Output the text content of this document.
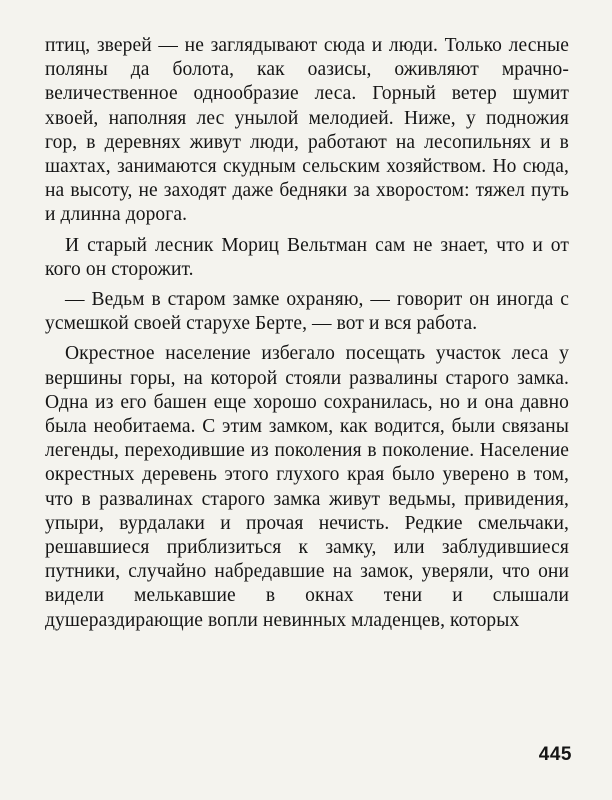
птиц, зверей — не заглядывают сюда и люди. Только лесные поляны да болота, как оазисы, оживляют мрачно-величественное однообразие леса. Горный ветер шумит хвоей, наполняя лес унылой мелодией. Ниже, у подножия гор, в деревнях живут люди, работают на лесопильнях и в шахтах, занимаются скудным сельским хозяйством. Но сюда, на высоту, не заходят даже бедняки за хворостом: тяжел путь и длинна дорога.

И старый лесник Мориц Вельтман сам не знает, что и от кого он сторожит.

— Ведьм в старом замке охраняю, — говорит он иногда с усмешкой своей старухе Берте, — вот и вся работа.

Окрестное население избегало посещать участок леса у вершины горы, на которой стояли развалины старого замка. Одна из его башен еще хорошо сохранилась, но и она давно была необитаема. С этим замком, как водится, были связаны легенды, переходившие из поколения в поколение. Население окрестных деревень этого глухого края было уверено в том, что в развалинах старого замка живут ведьмы, привидения, упыри, вурдалаки и прочая нечисть. Редкие смельчаки, решавшиеся приблизиться к замку, или заблудившиеся путники, случайно набредавшие на замок, уверяли, что они видели мелькавшие в окнах тени и слышали душераздирающие вопли невинных младенцев, которых

445
